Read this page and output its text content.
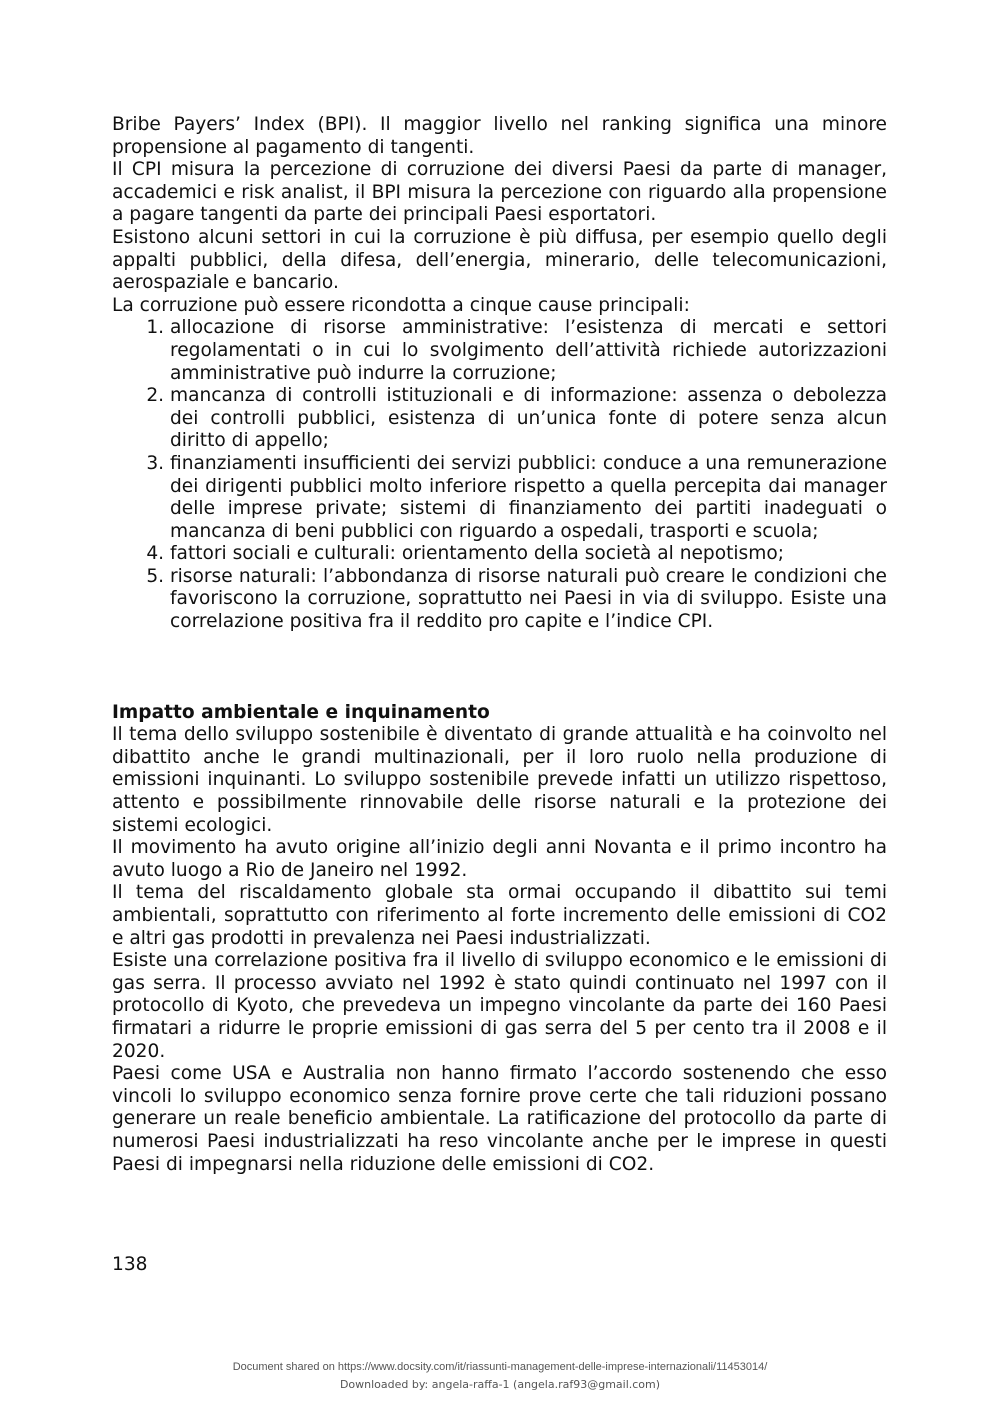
Bribe Payers’ Index (BPI). Il maggior livello nel ranking significa una minore propensione al pagamento di tangenti.

Il CPI misura la percezione di corruzione dei diversi Paesi da parte di manager, accademici e risk analist, il BPI misura la percezione con riguardo alla propensione a pagare tangenti da parte dei principali Paesi esportatori.

Esistono alcuni settori in cui la corruzione è più diffusa, per esempio quello degli appalti pubblici, della difesa, dell’energia, minerario, delle telecomunicazioni, aerospaziale e bancario.

La corruzione può essere ricondotta a cinque cause principali:

1. allocazione di risorse amministrative: l’esistenza di mercati e settori regolamentati o in cui lo svolgimento dell’attività richiede autorizzazioni amministrative può indurre la corruzione;
2. mancanza di controlli istituzionali e di informazione: assenza o debolezza dei controlli pubblici, esistenza di un’unica fonte di potere senza alcun diritto di appello;
3. finanziamenti insufficienti dei servizi pubblici: conduce a una remunerazione dei dirigenti pubblici molto inferiore rispetto a quella percepita dai manager delle imprese private; sistemi di finanziamento dei partiti inadeguati o mancanza di beni pubblici con riguardo a ospedali, trasporti e scuola;
4. fattori sociali e culturali: orientamento della società al nepotismo;
5. risorse naturali: l’abbondanza di risorse naturali può creare le condizioni che favoriscono la corruzione, soprattutto nei Paesi in via di sviluppo. Esiste una correlazione positiva fra il reddito pro capite e l’indice CPI.
Impatto ambientale e inquinamento

Il tema dello sviluppo sostenibile è diventato di grande attualità e ha coinvolto nel dibattito anche le grandi multinazionali, per il loro ruolo nella produzione di emissioni inquinanti. Lo sviluppo sostenibile prevede infatti un utilizzo rispettoso, attento e possibilmente rinnovabile delle risorse naturali e la protezione dei sistemi ecologici.

Il movimento ha avuto origine all’inizio degli anni Novanta e il primo incontro ha avuto luogo a Rio de Janeiro nel 1992.

Il tema del riscaldamento globale sta ormai occupando il dibattito sui temi ambientali, soprattutto con riferimento al forte incremento delle emissioni di CO2 e altri gas prodotti in prevalenza nei Paesi industrializzati.

Esiste una correlazione positiva fra il livello di sviluppo economico e le emissioni di gas serra. Il processo avviato nel 1992 è stato quindi continuato nel 1997 con il protocollo di Kyoto, che prevedeva un impegno vincolante da parte dei 160 Paesi firmatari a ridurre le proprie emissioni di gas serra del 5 per cento tra il 2008 e il 2020.

Paesi come USA e Australia non hanno firmato l’accordo sostenendo che esso vincoli lo sviluppo economico senza fornire prove certe che tali riduzioni possano generare un reale beneficio ambientale. La ratificazione del protocollo da parte di numerosi Paesi industrializzati ha reso vincolante anche per le imprese in questi Paesi di impegnarsi nella riduzione delle emissioni di CO2.

138
Document shared on https://www.docsity.com/it/riassunti-management-delle-imprese-internazionali/11453014/
Downloaded by: angela-raffa-1 (angela.raf93@gmail.com)
